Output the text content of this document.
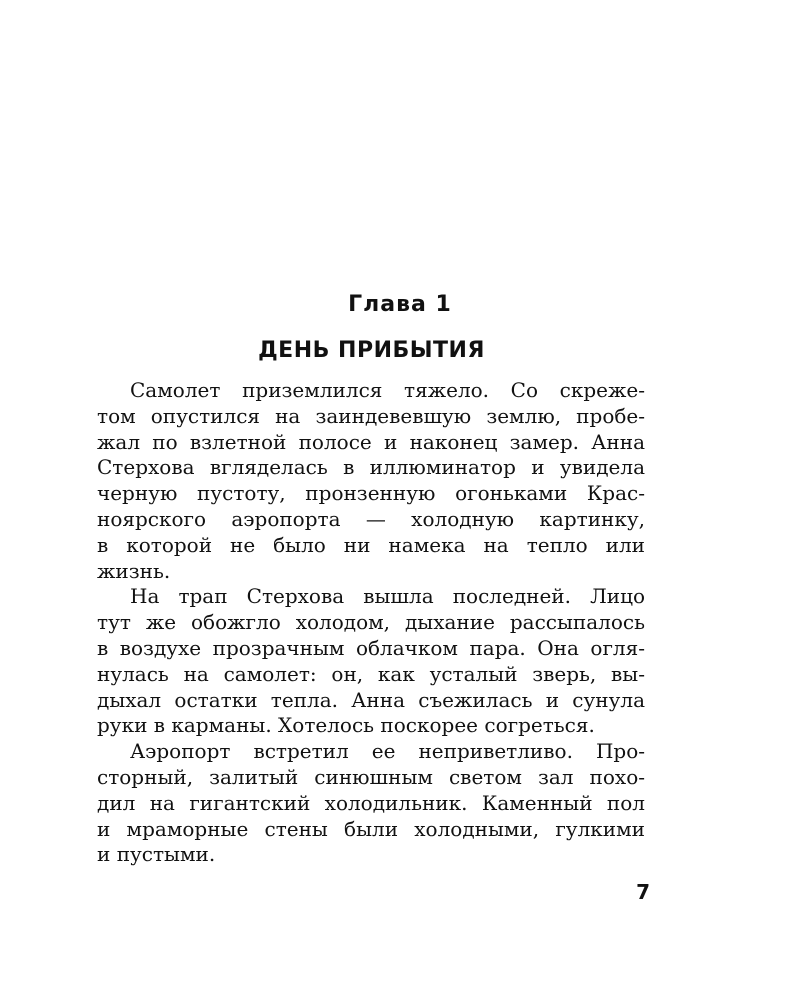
Глава 1
ДЕНЬ ПРИБЫТИЯ
Самолет приземлился тяжело. Со скреже-
том опустился на заиндевевшую землю, пробе-
жал по взлетной полосе и наконец замер. Анна
Стерхова вгляделась в иллюминатор и увидела
черную пустоту, пронзенную огоньками Крас-
ноярского аэропорта — холодную картинку,
в которой не было ни намека на тепло или
жизнь.
На трап Стерхова вышла последней. Лицо
тут же обожгло холодом, дыхание рассыпалось
в воздухе прозрачным облачком пара. Она огля-
нулась на самолет: он, как усталый зверь, вы-
дыхал остатки тепла. Анна съежилась и сунула
руки в карманы. Хотелось поскорее согреться.
Аэропорт встретил ее неприветливо. Про-
сторный, залитый синюшным светом зал похо-
дил на гигантский холодильник. Каменный пол
и мраморные стены были холодными, гулкими
и пустыми.
7
